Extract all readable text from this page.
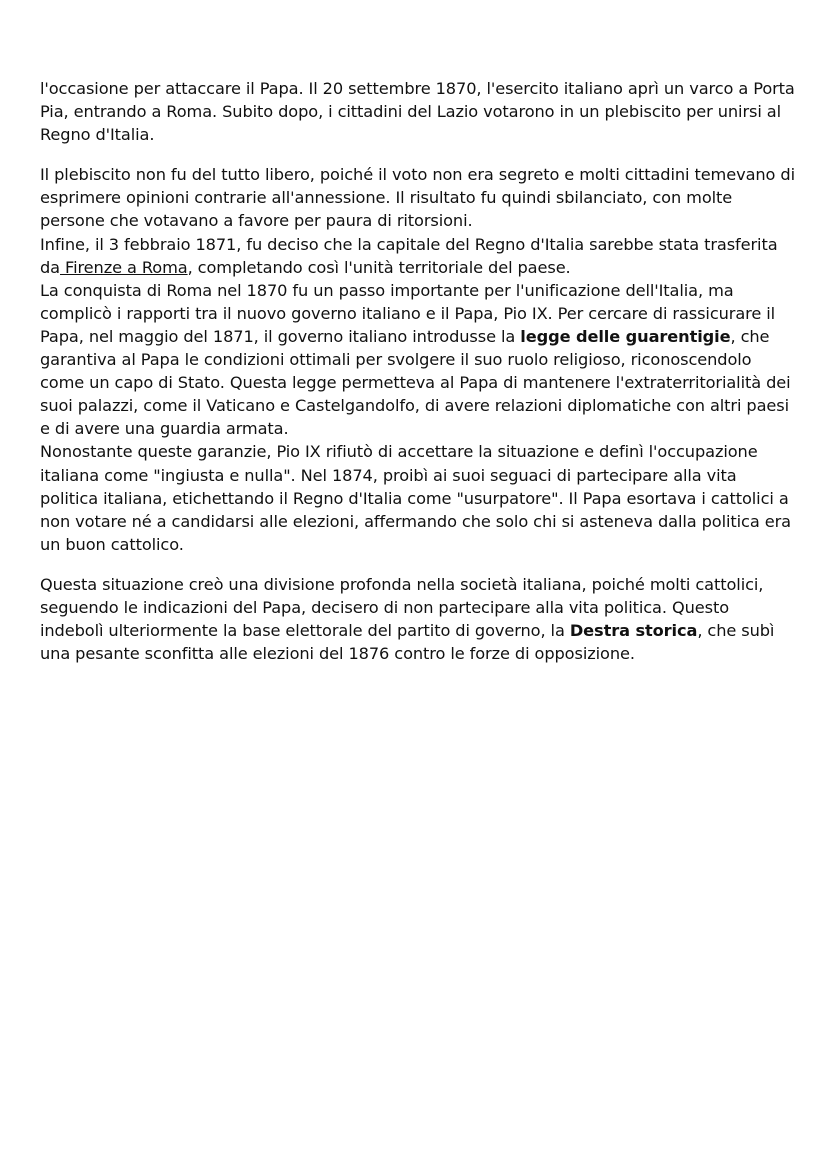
l'occasione per attaccare il Papa. Il 20 settembre 1870, l'esercito italiano aprì un varco a Porta Pia, entrando a Roma. Subito dopo, i cittadini del Lazio votarono in un plebiscito per unirsi al Regno d'Italia.

Il plebiscito non fu del tutto libero, poiché il voto non era segreto e molti cittadini temevano di esprimere opinioni contrarie all'annessione. Il risultato fu quindi sbilanciato, con molte persone che votavano a favore per paura di ritorsioni.

Infine, il 3 febbraio 1871, fu deciso che la capitale del Regno d'Italia sarebbe stata trasferita da Firenze a Roma, completando così l'unità territoriale del paese.

La conquista di Roma nel 1870 fu un passo importante per l'unificazione dell'Italia, ma complicò i rapporti tra il nuovo governo italiano e il Papa, Pio IX. Per cercare di rassicurare il Papa, nel maggio del 1871, il governo italiano introdusse la legge delle guarentigie, che garantiva al Papa le condizioni ottimali per svolgere il suo ruolo religioso, riconoscendolo come un capo di Stato. Questa legge permetteva al Papa di mantenere l'extraterritorialità dei suoi palazzi, come il Vaticano e Castelgandolfo, di avere relazioni diplomatiche con altri paesi e di avere una guardia armata.

Nonostante queste garanzie, Pio IX rifiutò di accettare la situazione e definì l'occupazione italiana come "ingiusta e nulla". Nel 1874, proibì ai suoi seguaci di partecipare alla vita politica italiana, etichettando il Regno d'Italia come "usurpatore". Il Papa esortava i cattolici a non votare né a candidarsi alle elezioni, affermando che solo chi si asteneva dalla politica era un buon cattolico.

Questa situazione creò una divisione profonda nella società italiana, poiché molti cattolici, seguendo le indicazioni del Papa, decisero di non partecipare alla vita politica. Questo indebolì ulteriormente la base elettorale del partito di governo, la Destra storica, che subì una pesante sconfitta alle elezioni del 1876 contro le forze di opposizione.
